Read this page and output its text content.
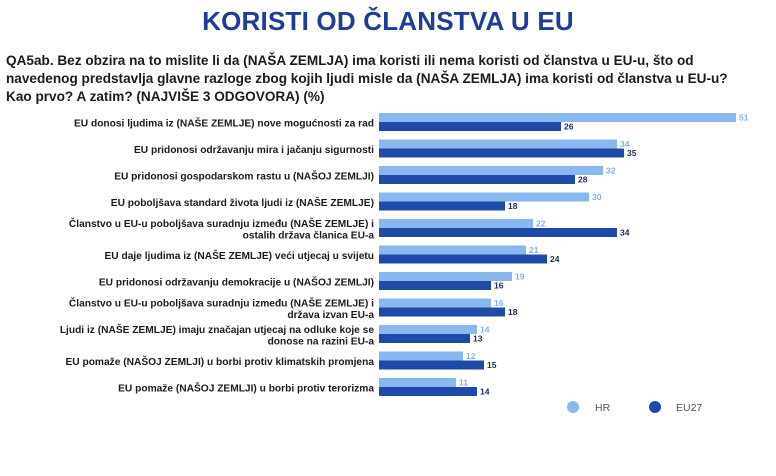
KORISTI OD ČLANSTVA U EU
QA5ab. Bez obzira na to mislite li da (NAŠA ZEMLJA) ima koristi ili nema koristi od članstva u EU-u, što od navedenog predstavlja glavne razloge zbog kojih ljudi misle da (NAŠA ZEMLJA) ima koristi od članstva u EU-u? Kao prvo? A zatim? (NAJVIŠE 3 ODGOVORA) (%)
EU donosi ljudima iz (NAŠE ZEMLJE) nove mogućnosti za rad
51
26
EU pridonosi održavanju mira i jačanju sigurnosti
34
35
EU pridonosi gospodarskom rastu u (NAŠOJ ZEMLJI)
32
28
EU poboljšava standard života ljudi iz (NAŠE ZEMLJE)
30
18
Članstvo u EU-u poboljšava suradnju između (NAŠE ZEMLJE) i ostalih država članica EU-a
22
34
EU daje ljudima iz (NAŠE ZEMLJE) veći utjecaj u svijetu
21
24
EU pridonosi održavanju demokracije u (NAŠOJ ZEMLJI)
19
16
Članstvo u EU-u poboljšava suradnju između (NAŠE ZEMLJE) i država izvan EU-a
16
18
Ljudi iz (NAŠE ZEMLJE) imaju značajan utjecaj na odluke koje se donose na razini EU-a
14
13
EU pomaže (NAŠOJ ZEMLJI) u borbi protiv klimatskih promjena
12
15
EU pomaže (NAŠOJ ZEMLJI) u borbi protiv terorizma
11
14
HR	EU27
